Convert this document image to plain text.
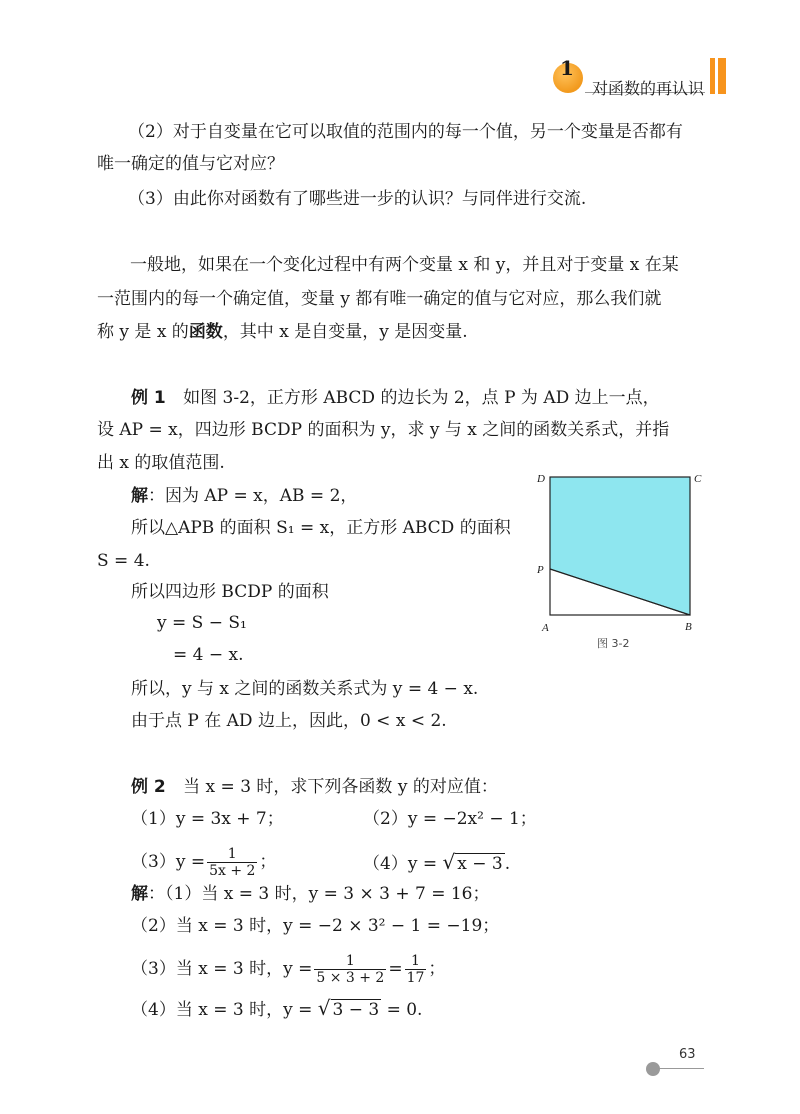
1
对函数的再认识
（2）对于自变量在它可以取值的范围内的每一个值，另一个变量是否都有
唯一确定的值与它对应？
（3）由此你对函数有了哪些进一步的认识？与同伴进行交流.
一般地，如果在一个变化过程中有两个变量 x 和 y，并且对于变量 x 在某
一范围内的每一个确定值，变量 y 都有唯一确定的值与它对应，那么我们就
称 y 是 x 的函数，其中 x 是自变量，y 是因变量.
例 1 如图 3-2，正方形 ABCD 的边长为 2，点 P 为 AD 边上一点，
设 AP = x，四边形 BCDP 的面积为 y，求 y 与 x 之间的函数关系式，并指
出 x 的取值范围.
解：因为 AP = x，AB = 2，
所以△APB 的面积 S₁ = x，正方形 ABCD 的面积
S = 4.
所以四边形 BCDP 的面积
y = S − S₁
= 4 − x.
所以，y 与 x 之间的函数关系式为 y = 4 − x.
由于点 P 在 AD 边上，因此，0 < x < 2.
D	C
P
A	B
图 3-2
例 2 当 x = 3 时，求下列各函数 y 的对应值：
（1）y = 3x + 7；	（2）y = −2x² − 1；
$(3)y = \frac{1}{5x + 2}$ ；	（4）y = √ x − 3 .
解：（1）当 x = 3 时，y = 3 × 3 + 7 = 16；
（2）当 x = 3 时，y = −2 × 3² − 1 = −19；
（3）当 x = 3 时，$y = \frac{1}{5 \times 3 + 2} = \frac{1}{17}$ ；
（4）当 x = 3 时，y = √ 3 − 3 = 0.
63
